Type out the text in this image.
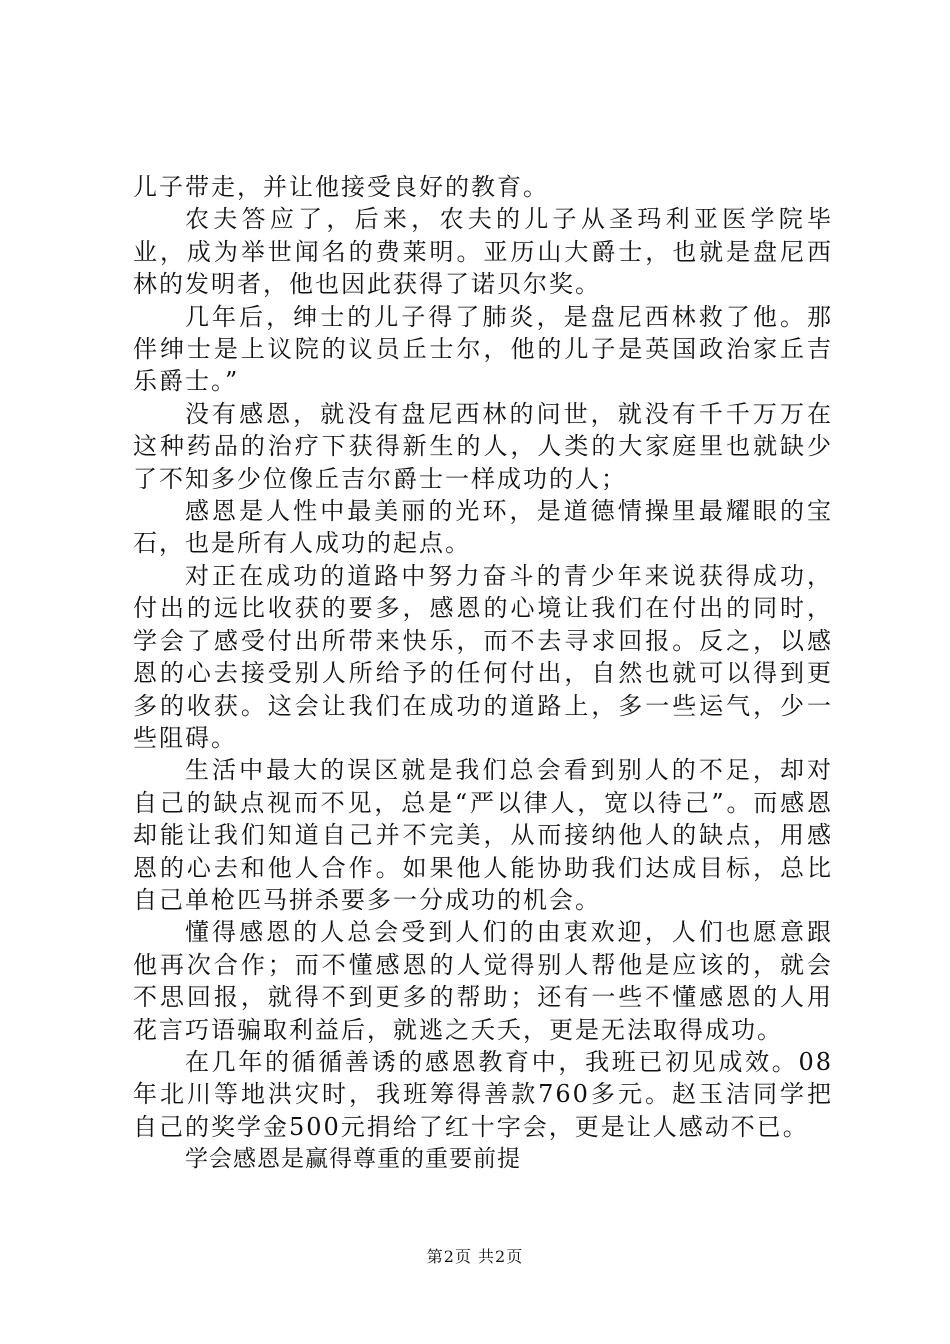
儿子带走，并让他接受良好的教育。

农夫答应了，后来，农夫的儿子从圣玛利亚医学院毕业，成为举世闻名的费莱明。亚历山大爵士，也就是盘尼西林的发明者，他也因此获得了诺贝尔奖。

几年后，绅士的儿子得了肺炎，是盘尼西林救了他。那伴绅士是上议院的议员丘士尔，他的儿子是英国政治家丘吉乐爵士。”

没有感恩，就没有盘尼西林的问世，就没有千千万万在这种药品的治疗下获得新生的人，人类的大家庭里也就缺少了不知多少位像丘吉尔爵士一样成功的人；

感恩是人性中最美丽的光环，是道德情操里最耀眼的宝石，也是所有人成功的起点。

对正在成功的道路中努力奋斗的青少年来说获得成功，付出的远比收获的要多，感恩的心境让我们在付出的同时，学会了感受付出所带来快乐，而不去寻求回报。反之，以感恩的心去接受别人所给予的任何付出，自然也就可以得到更多的收获。这会让我们在成功的道路上，多一些运气，少一些阻碍。

生活中最大的误区就是我们总会看到别人的不足，却对自己的缺点视而不见，总是“严以律人，宽以待己”。而感恩却能让我们知道自己并不完美，从而接纳他人的缺点，用感恩的心去和他人合作。如果他人能协助我们达成目标，总比自己单枪匹马拼杀要多一分成功的机会。

懂得感恩的人总会受到人们的由衷欢迎，人们也愿意跟他再次合作；而不懂感恩的人觉得别人帮他是应该的，就会不思回报，就得不到更多的帮助；还有一些不懂感恩的人用花言巧语骗取利益后，就逃之夭夭，更是无法取得成功。

在几年的循循善诱的感恩教育中，我班已初见成效。08年北川等地洪灾时，我班筹得善款760多元。赵玉洁同学把自己的奖学金500元捐给了红十字会，更是让人感动不已。

学会感恩是赢得尊重的重要前提

第2页 共2页
